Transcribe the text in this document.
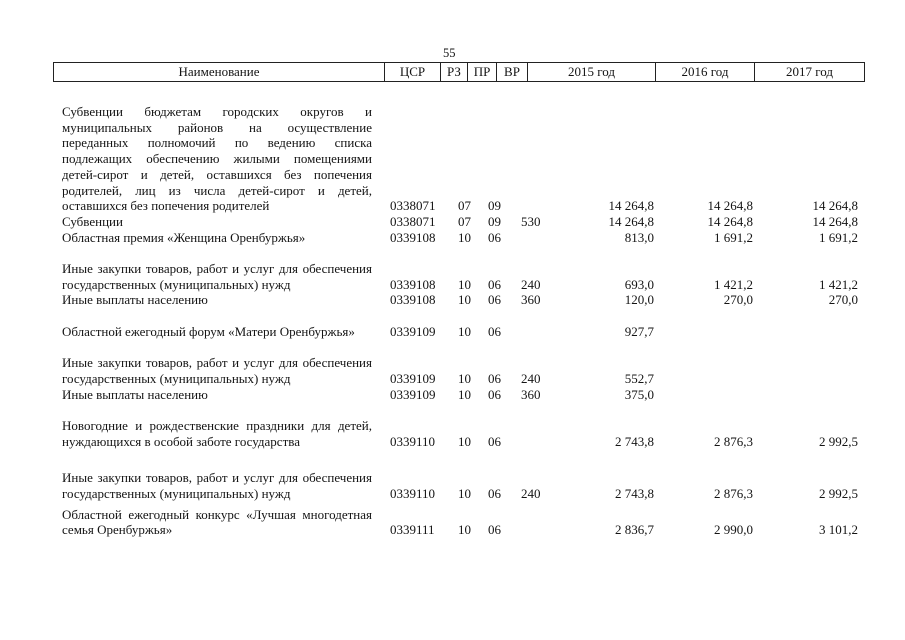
55
Наименование	ЦСР	РЗ ПР	ВР	2015 год	2016 год	2017 год
Субвенции бюджетам городских округов и муниципальных районов на осуществление переданных полномочий по ведению списка подлежащих обеспечению жилыми помещениями детей-сирот и детей, оставшихся без попечения родителей, лиц из числа детей-сирот и детей, оставшихся без попечения родителей	0338071 07 09	14 264,8	14 264,8	14 264,8
Субвенции	0338071 07 09 530	14 264,8	14 264,8	14 264,8
Областная премия «Женщина Оренбуржья»	0339108 10 06	813,0	1 691,2	1 691,2
Иные закупки товаров, работ и услуг для обеспечения государственных (муниципальных) нужд	0339108 10 06 240	693,0	1 421,2	1 421,2
Иные выплаты населению	0339108 10 06 360	120,0	270,0	270,0
Областной ежегодный форум «Матери Оренбуржья»	0339109 10 06	927,7
Иные закупки товаров, работ и услуг для обеспечения государственных (муниципальных) нужд	0339109 10 06 240	552,7
Иные выплаты населению	0339109 10 06 360	375,0
Новогодние и рождественские праздники для детей, нуждающихся в особой заботе государства	0339110 10 06	2 743,8	2 876,3	2 992,5
Иные закупки товаров, работ и услуг для обеспечения государственных (муниципальных) нужд	0339110 10 06 240	2 743,8	2 876,3	2 992,5
Областной ежегодный конкурс «Лучшая многодетная семья Оренбуржья»	0339111 10 06	2 836,7	2 990,0	3 101,2
